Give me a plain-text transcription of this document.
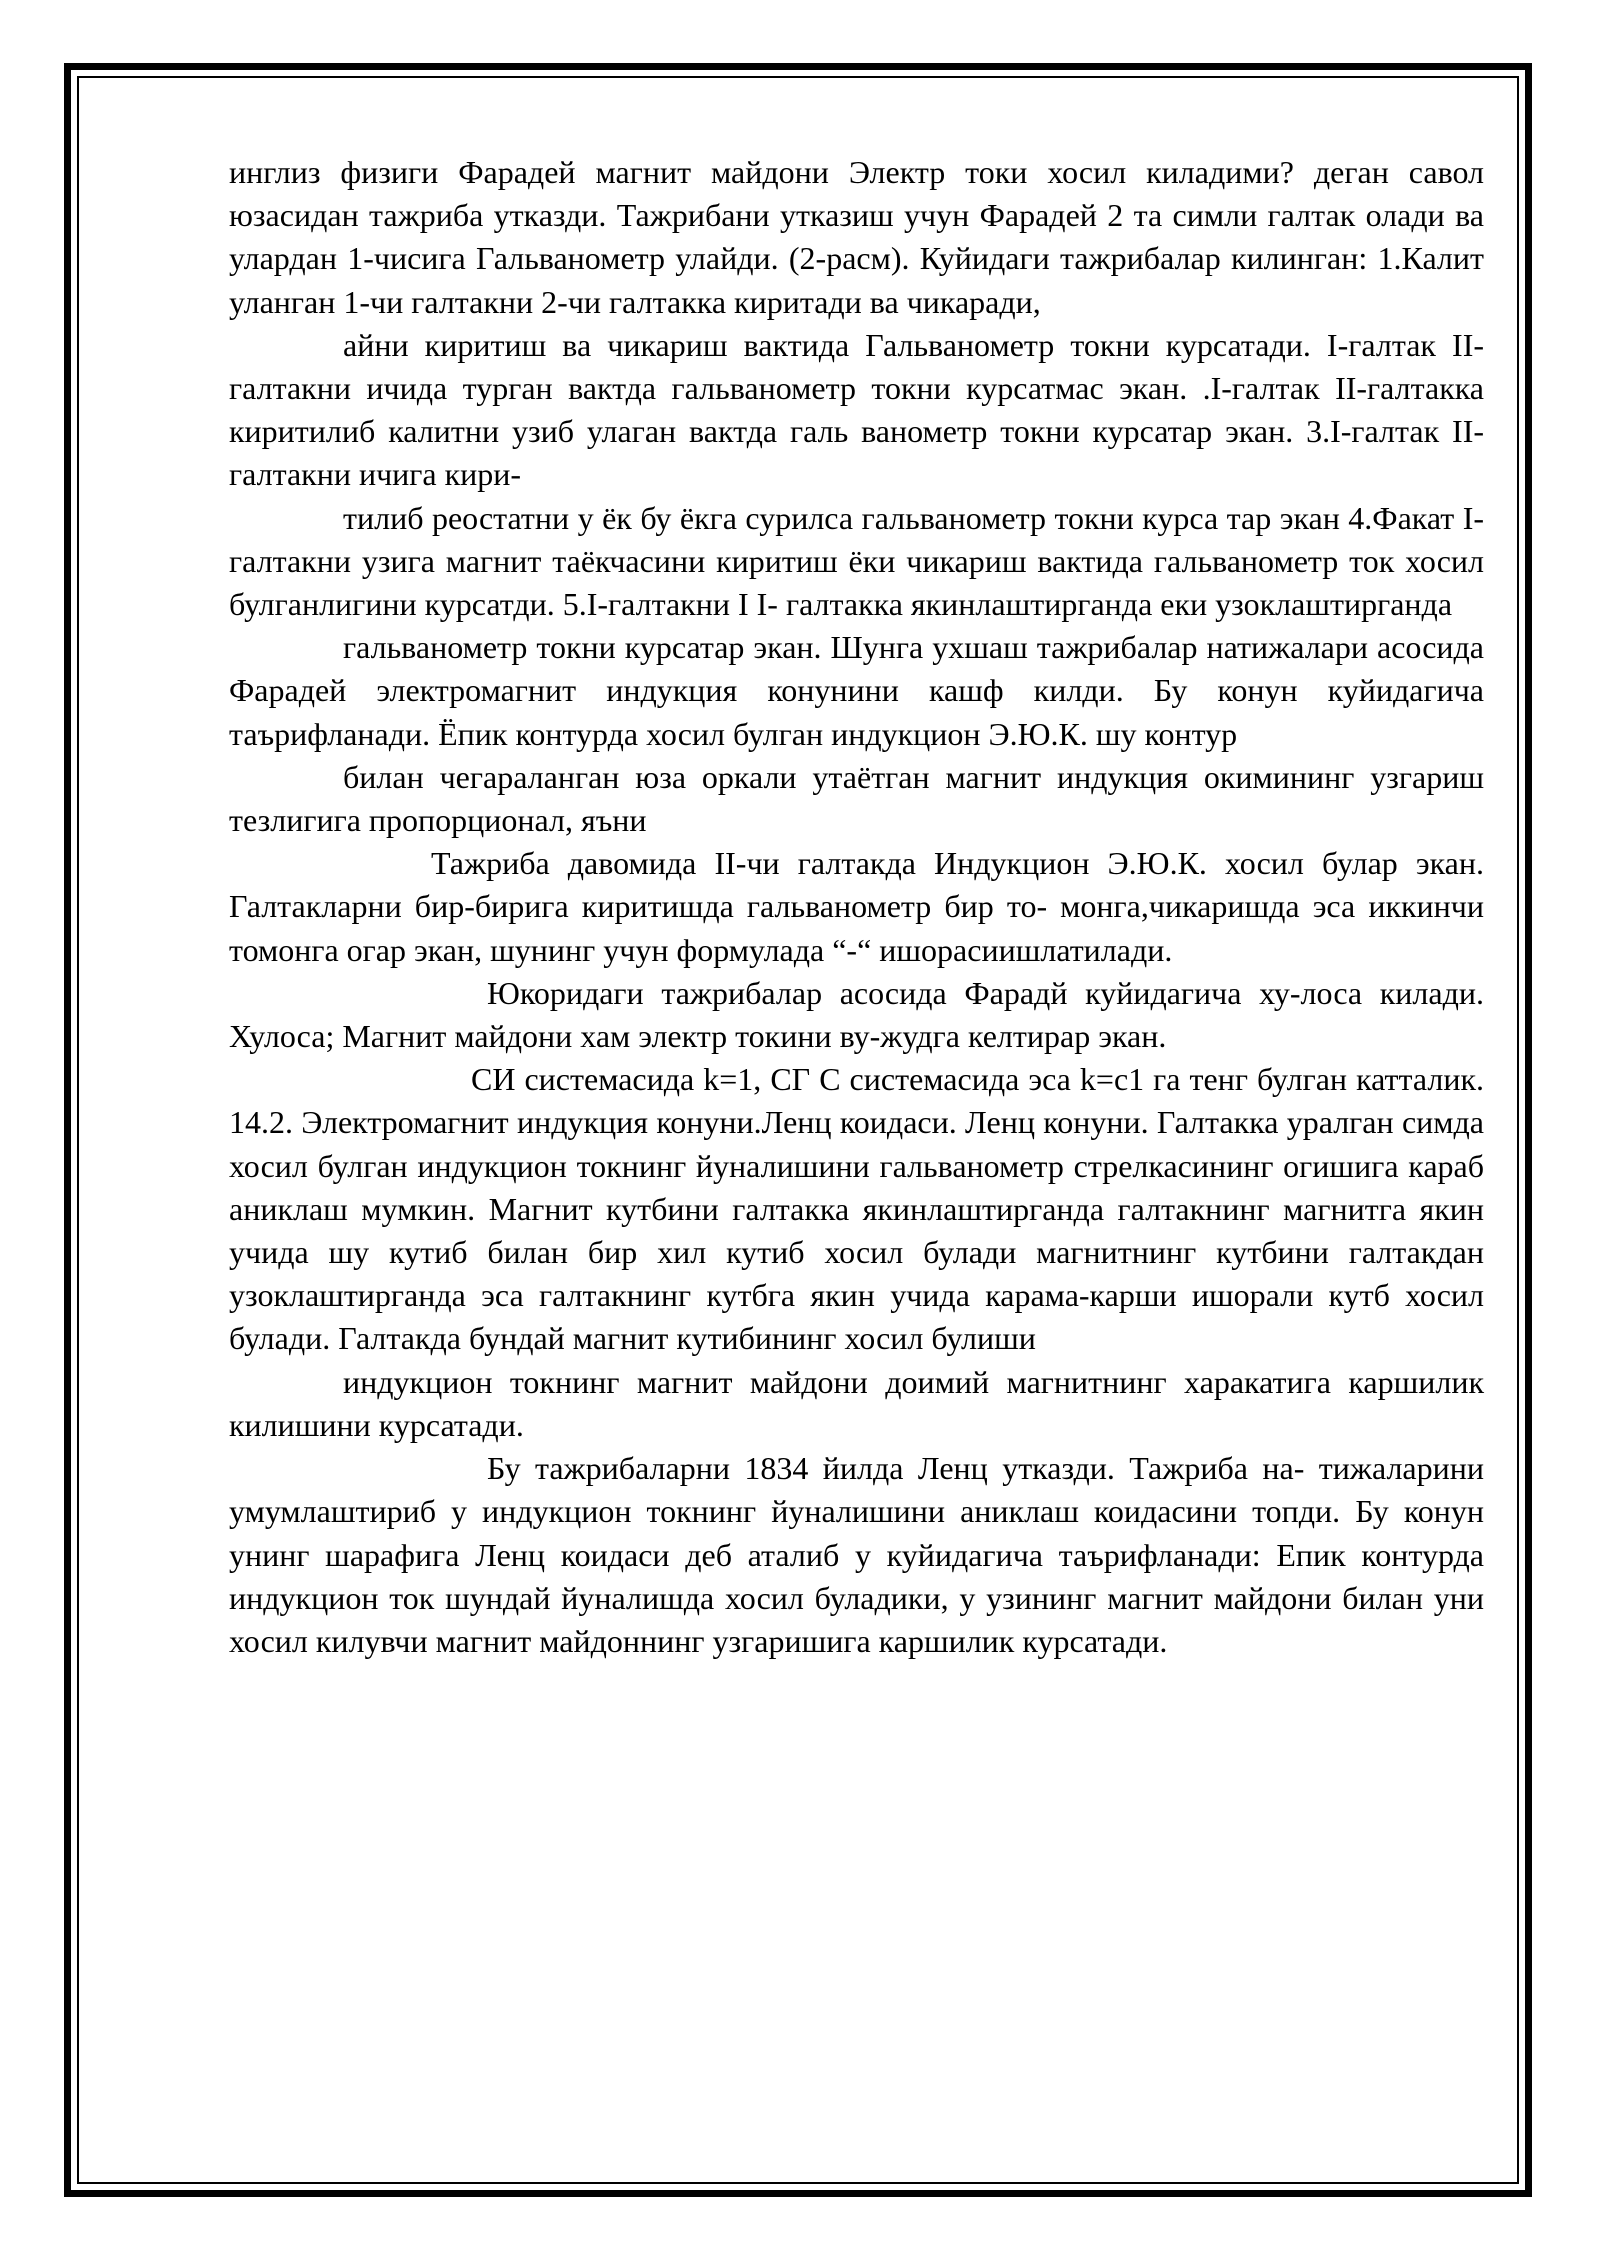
инглиз физиги Фарадей магнит майдони Электр токи хосил киладими? деган савол юзасидан тажриба утказди. Тажрибани утказиш учун Фарадей 2 та симли галтак олади ва улардан 1-чисига Гальванометр улайди. (2-расм). Куйидаги тажрибалар килинган: 1.Калит уланган 1-чи галтакни 2-чи галтакка киритади ва чикаради,

айни киритиш ва чикариш вактида Гальванометр токни курсатади. I-галтак II-галтакни ичида турган вактда гальванометр токни курсатмас экан. .I-галтак II-галтакка киритилиб калитни узиб улаган вактда галь ванометр токни курсатар экан. 3.I-галтак II-галтакни ичига кири-

тилиб реостатни у ёк бу ёкга сурилса гальванометр токни курса тар экан 4.Факат I-галтакни узига магнит таёкчасини киритиш ёки чикариш вактида гальванометр ток хосил булганлигини курсатди. 5.I-галтакни I I- галтакка якинлаштирганда еки узоклаштирганда

гальванометр токни курсатар экан. Шунга ухшаш тажрибалар натижалари асосида Фарадей электромагнит индукция конунини кашф килди. Бу конун куйидагича таърифланади. Ёпик контурда хосил булган индукцион Э.Ю.К. шу контур

билан чегараланган юза оркали утаётган магнит индукция окимининг узгариш тезлигига пропорционал, яъни

Тажриба давомида II-чи галтакда Индукцион Э.Ю.К. хосил булар экан. Галтакларни бир-бирига киритишда гальванометр бир то- монга,чикаришда эса иккинчи томонга огар экан, шунинг учун формулада “-“ ишорасиишлатилади.

Юкоридаги тажрибалар асосида Фарадй куйидагича ху-лоса килади. Хулоса; Магнит майдони хам электр токини ву-жудга келтирар экан.

СИ системасида k=1, СГ С системасида эса k=c1 га тенг булган катталик. 14.2. Электромагнит индукция конуни.Ленц коидаси. Ленц конуни. Галтакка уралган симда хосил булган индукцион токнинг йуналишини гальванометр стрелкасининг огишига караб аниклаш мумкин. Магнит кутбини галтакка якинлаштирганда галтакнинг магнитга якин учида шу кутиб билан бир хил кутиб хосил булади магнитнинг кутбини галтакдан узоклаштирганда эса галтакнинг кутбга якин учида карама-карши ишорали кутб хосил булади. Галтакда бундай магнит кутибининг хосил булиши

индукцион токнинг магнит майдони доимий магнитнинг харакатига каршилик килишини курсатади.

Бу тажрибаларни 1834 йилда Ленц утказди. Тажриба на- тижаларини умумлаштириб у индукцион токнинг йуналишини аниклаш коидасини топди. Бу конун унинг шарафига Ленц коидаси деб аталиб у куйидагича таърифланади: Епик контурда индукцион ток шундай йуналишда хосил буладики, у узининг магнит майдони билан уни хосил килувчи магнит майдоннинг узгаришига каршилик курсатади.
